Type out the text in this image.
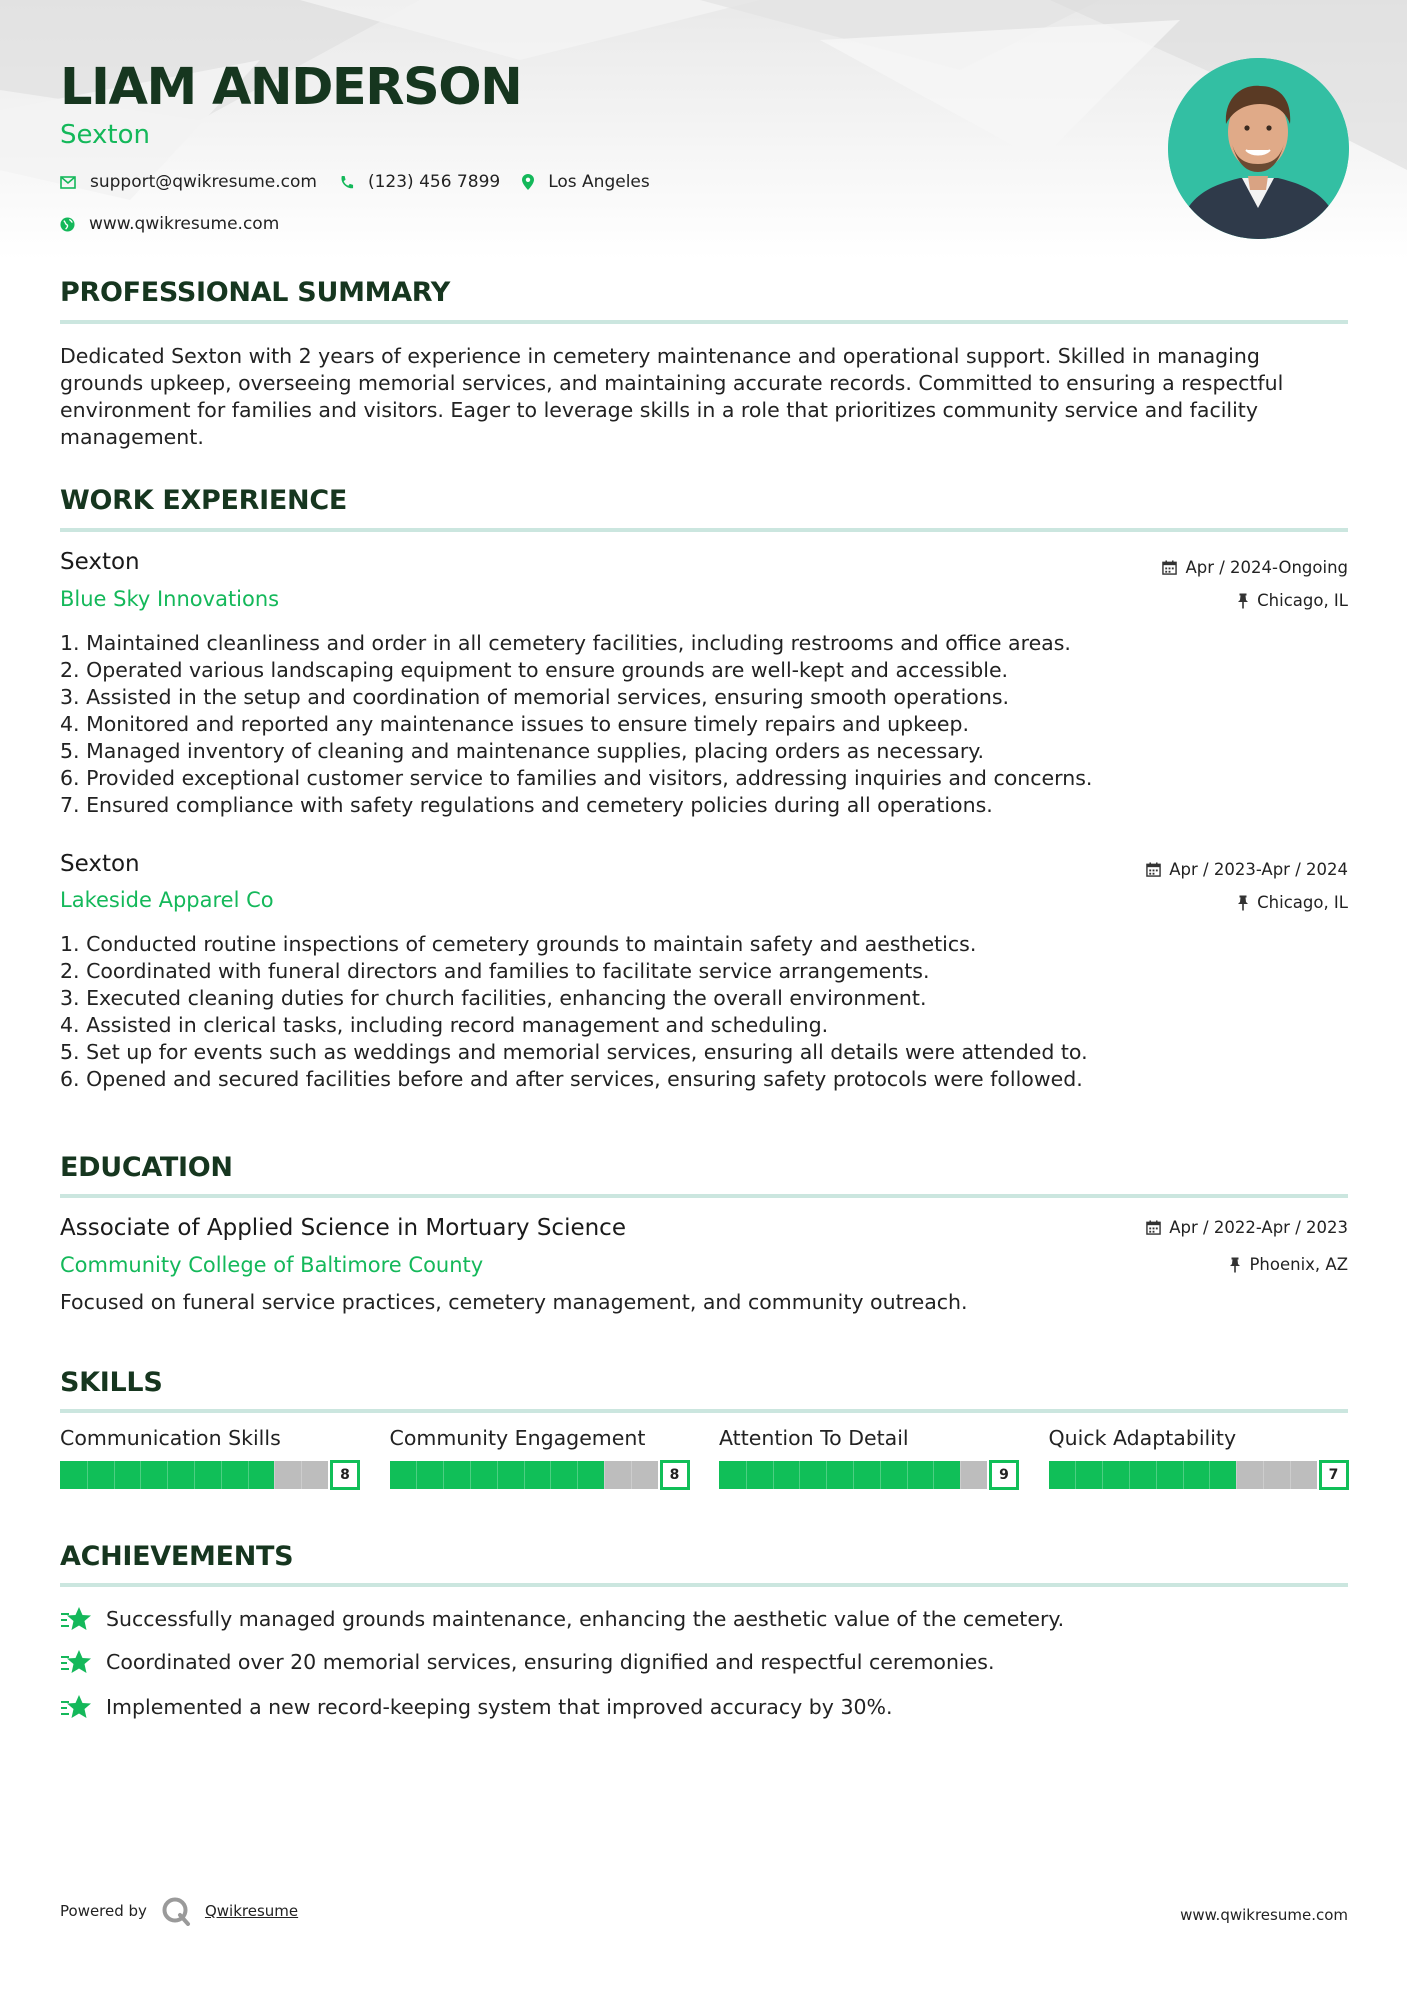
LIAM ANDERSON
Sexton
support@qwikresume.com	(123) 456 7899	Los Angeles
www.qwikresume.com
PROFESSIONAL SUMMARY
Dedicated Sexton with 2 years of experience in cemetery maintenance and operational support. Skilled in managing
grounds upkeep, overseeing memorial services, and maintaining accurate records. Committed to ensuring a respectful
environment for families and visitors. Eager to leverage skills in a role that prioritizes community service and facility
management.
WORK EXPERIENCE
Sexton
Blue Sky Innovations
Apr / 2024-Ongoing
Chicago, IL
1. Maintained cleanliness and order in all cemetery facilities, including restrooms and office areas.
2. Operated various landscaping equipment to ensure grounds are well-kept and accessible.
3. Assisted in the setup and coordination of memorial services, ensuring smooth operations.
4. Monitored and reported any maintenance issues to ensure timely repairs and upkeep.
5. Managed inventory of cleaning and maintenance supplies, placing orders as necessary.
6. Provided exceptional customer service to families and visitors, addressing inquiries and concerns.
7. Ensured compliance with safety regulations and cemetery policies during all operations.
Sexton
Lakeside Apparel Co
Apr / 2023-Apr / 2024
Chicago, IL
1. Conducted routine inspections of cemetery grounds to maintain safety and aesthetics.
2. Coordinated with funeral directors and families to facilitate service arrangements.
3. Executed cleaning duties for church facilities, enhancing the overall environment.
4. Assisted in clerical tasks, including record management and scheduling.
5. Set up for events such as weddings and memorial services, ensuring all details were attended to.
6. Opened and secured facilities before and after services, ensuring safety protocols were followed.
EDUCATION
Associate of Applied Science in Mortuary Science
Community College of Baltimore County
Apr / 2022-Apr / 2023
Phoenix, AZ
Focused on funeral service practices, cemetery management, and community outreach.
SKILLS
Communication Skills
8
Community Engagement
8
Attention To Detail
9
Quick Adaptability
7
ACHIEVEMENTS
Successfully managed grounds maintenance, enhancing the aesthetic value of the cemetery.
Coordinated over 20 memorial services, ensuring dignified and respectful ceremonies.
Implemented a new record-keeping system that improved accuracy by 30%.
Powered by	Qwikresume	www.qwikresume.com
